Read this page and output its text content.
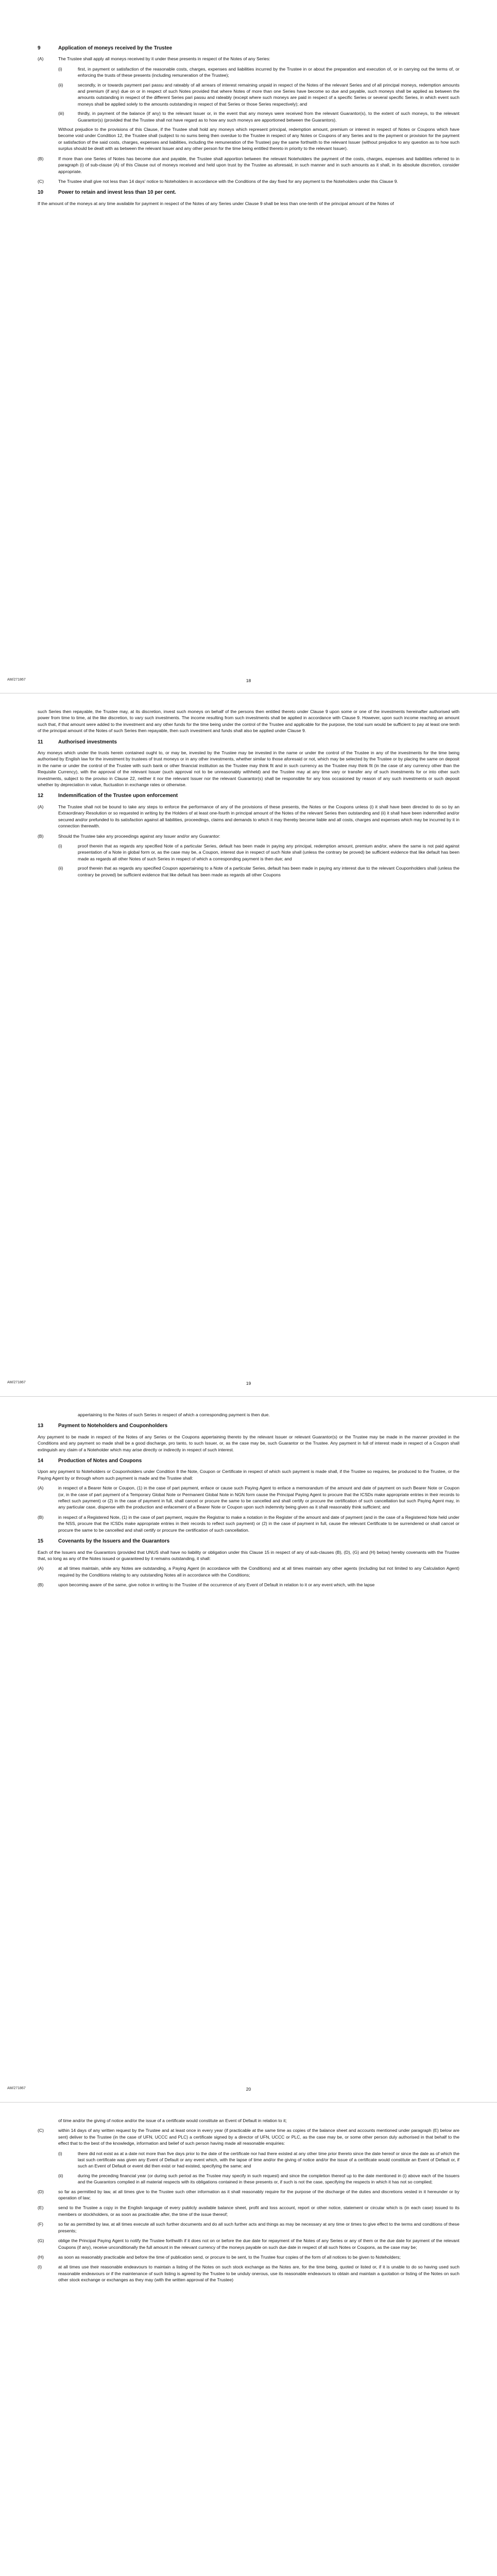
9	Application of moneys received by the Trustee
(A)	The Trustee shall apply all moneys received by it under these presents in respect of the Notes of any Series:
(i)	first, in payment or satisfaction of the reasonable costs, charges, expenses and liabilities incurred by the Trustee in or about the preparation and execution of, or in carrying out the terms of, or enforcing the trusts of these presents (including remuneration of the Trustee);
(ii)	secondly, in or towards payment pari passu and rateably of all arrears of interest remaining unpaid in respect of the Notes of the relevant Series and of all principal moneys, redemption amounts and premium (if any) due on or in respect of such Notes provided that where Notes of more than one Series have become so due and payable, such moneys shall be applied as between the amounts outstanding in respect of the different Series pari passu and rateably (except where such moneys are paid in respect of a specific Series or several specific Series, in which event such moneys shall be applied solely to the amounts outstanding in respect of that Series or those Series respectively); and
(iii)	thirdly, in payment of the balance (if any) to the relevant Issuer or, in the event that any moneys were received from the relevant Guarantor(s), to the extent of such moneys, to the relevant Guarantor(s) (provided that the Trustee shall not have regard as to how any such moneys are apportioned between the Guarantors).

Without prejudice to the provisions of this Clause, if the Trustee shall hold any moneys which represent principal, redemption amount, premium or interest in respect of Notes or Coupons which have become void under Condition 12, the Trustee shall (subject to no sums being then overdue to the Trustee in respect of any Notes or Coupons of any Series and to the payment or provision for the payment or satisfaction of the said costs, charges, expenses and liabilities, including the remuneration of the Trustee) pay the same forthwith to the relevant Issuer (without prejudice to any question as to how such surplus should be dealt with as between the relevant Issuer and any other person for the time being entitled thereto in priority to the relevant Issuer).

(B)	If more than one Series of Notes has become due and payable, the Trustee shall apportion between the relevant Noteholders the payment of the costs, charges, expenses and liabilities referred to in paragraph (i) of sub-clause (A) of this Clause out of moneys received and held upon trust by the Trustee as aforesaid, in such manner and in such amounts as it shall, in its absolute discretion, consider appropriate.
(C)	The Trustee shall give not less than 14 days' notice to Noteholders in accordance with the Conditions of the day fixed for any payment to the Noteholders under this Clause 9.
10	Power to retain and invest less than 10 per cent.

If the amount of the moneys at any time available for payment in respect of the Notes of any Series under Clause 9 shall be less than one-tenth of the principal amount of the Notes of

AM/271867	18

such Series then repayable, the Trustee may, at its discretion, invest such moneys on behalf of the persons then entitled thereto under Clause 9 upon some or one of the investments hereinafter authorised with power from time to time, at the like discretion, to vary such investments. The income resulting from such investments shall be applied in accordance with Clause 9. However, upon such income reaching an amount such that, if that amount were added to the investment and any other funds for the time being under the control of the Trustee and applicable for the purpose, the total sum would be sufficient to pay at least one tenth of the principal amount of the Notes of such Series then repayable, then such investment and funds shall also be applied under Clause 9.

11	Authorised investments

Any moneys which under the trusts herein contained ought to, or may be, invested by the Trustee may be invested in the name or under the control of the Trustee in any of the investments for the time being authorised by English law for the investment by trustees of trust moneys or in any other investments, whether similar to those aforesaid or not, which may be selected by the Trustee or by placing the same on deposit in the name or under the control of the Trustee with such bank or other financial institution as the Trustee may think fit and in such currency as the Trustee may think fit (in the case of any currency other than the Requisite Currency), with the approval of the relevant Issuer (such approval not to be unreasonably withheld) and the Trustee may at any time vary or transfer any of such investments for or into other such investments, subject to the proviso in Clause 22, neither it nor the relevant Issuer nor the relevant Guarantor(s) shall be responsible for any loss occasioned by reason of any such investments or such deposit whether by depreciation in value, fluctuation in exchange rates or otherwise.

12	Indemnification of the Trustee upon enforcement
(A)	The Trustee shall not be bound to take any steps to enforce the performance of any of the provisions of these presents, the Notes or the Coupons unless (i) it shall have been directed to do so by an Extraordinary Resolution or so requested in writing by the Holders of at least one-fourth in principal amount of the Notes of the relevant Series then outstanding and (ii) it shall have been indemnified and/or secured and/or prefunded to its satisfaction against all liabilities, proceedings, claims and demands to which it may thereby become liable and all costs, charges and expenses which may be incurred by it in connection therewith.
(B)	Should the Trustee take any proceedings against any Issuer and/or any Guarantor:
(i)	proof therein that as regards any specified Note of a particular Series, default has been made in paying any principal, redemption amount, premium and/or, where the same is not paid against presentation of a Note in global form or, as the case may be, a Coupon, interest due in respect of such Note shall (unless the contrary be proved) be sufficient evidence that like default has been made as regards all other Notes of such Series in respect of which a corresponding payment is then due; and
(ii)	proof therein that as regards any specified Coupon appertaining to a Note of a particular Series, default has been made in paying any interest due to the relevant Couponholders shall (unless the contrary be proved) be sufficient evidence that like default has been made as regards all other Coupons
AM/271867	19

appertaining to the Notes of such Series in respect of which a corresponding payment is then due.

13	Payment to Noteholders and Couponholders

Any payment to be made in respect of the Notes of any Series or the Coupons appertaining thereto by the relevant Issuer or relevant Guarantor(s) or the Trustee may be made in the manner provided in the Conditions and any payment so made shall be a good discharge, pro tanto, to such Issuer, or, as the case may be, such Guarantor or the Trustee. Any payment in full of interest made in respect of a Coupon shall extinguish any claim of a Noteholder which may arise directly or indirectly in respect of such interest.

14	Production of Notes and Coupons

Upon any payment to Noteholders or Couponholders under Condition 8 the Note, Coupon or Certificate in respect of which such payment is made shall, if the Trustee so requires, be produced to the Trustee, or the Paying Agent by or through whom such payment is made and the Trustee shall:

(A)	in respect of a Bearer Note or Coupon, (1) in the case of part payment, enface or cause such Paying Agent to enface a memorandum of the amount and date of payment on such Bearer Note or Coupon (or, in the case of part payment of a Temporary Global Note or Permanent Global Note in NGN form cause the Principal Paying Agent to procure that the ICSDs make appropriate entries in their records to reflect such payment) or (2) in the case of payment in full, shall cancel or procure the same to be cancelled and shall certify or procure the certification of such cancellation but such Paying Agent may, in any particular case, dispense with the production and enfacement of a Bearer Note or Coupon upon such indemnity being given as it shall reasonably think sufficient; and
(B)	in respect of a Registered Note, (1) in the case of part payment, require the Registrar to make a notation in the Register of the amount and date of payment (and in the case of a Registered Note held under the NSS, procure that the ICSDs make appropriate entries in their records to reflect such payment) or (2) in the case of payment in full, cause the relevant Certificate to be surrendered or shall cancel or procure the same to be cancelled and shall certify or procure the certification of such cancellation.
15	Covenants by the Issuers and the Guarantors

Each of the Issuers and the Guarantors (provided that UNUS shall have no liability or obligation under this Clause 15 in respect of any of sub-clauses (B), (D), (G) and (H) below) hereby covenants with the Trustee that, so long as any of the Notes issued or guaranteed by it remains outstanding, it shall:

(A)	at all times maintain, while any Notes are outstanding, a Paying Agent (in accordance with the Conditions) and at all times maintain any other agents (including but not limited to any Calculation Agent) required by the Conditions relating to any outstanding Notes all in accordance with the Conditions;
(B)	upon becoming aware of the same, give notice in writing to the Trustee of the occurrence of any Event of Default in relation to it or any event which, with the lapse
AM/271867	20

of time and/or the giving of notice and/or the issue of a certificate would constitute an Event of Default in relation to it;

(C)	within 14 days of any written request by the Trustee and at least once in every year (if practicable at the same time as copies of the balance sheet and accounts mentioned under paragraph (E) below are sent) deliver to the Trustee (in the case of UFN, UCCC and PLC) a certificate signed by a director of UFN, UCCC or PLC, as the case may be, or some other person duly authorised in that behalf to the effect that to the best of the knowledge, information and belief of such person having made all reasonable enquiries:
(i)	there did not exist as at a date not more than five days prior to the date of the certificate nor had there existed at any other time prior thereto since the date hereof or since the date as of which the last such certificate was given any Event of Default or any event which, with the lapse of time and/or the giving of notice and/or the issue of a certificate would constitute an Event of Default or, if such an Event of Default or event did then exist or had existed, specifying the same; and
(ii)	during the preceding financial year (or during such period as the Trustee may specify in such request) and since the completion thereof up to the date mentioned in (i) above each of the Issuers and the Guarantors complied in all material respects with its obligations contained in these presents or, if such is not the case, specifying the respects in which it has not so complied;
(D)	so far as permitted by law, at all times give to the Trustee such other information as it shall reasonably require for the purpose of the discharge of the duties and discretions vested in it hereunder or by operation of law;
(E)	send to the Trustee a copy in the English language of every publicly available balance sheet, profit and loss account, report or other notice, statement or circular which is (in each case) issued to its members or stockholders, or as soon as practicable after, the time of the issue thereof;
(F)	so far as permitted by law, at all times execute all such further documents and do all such further acts and things as may be necessary at any time or times to give effect to the terms and conditions of these presents;
(G)	oblige the Principal Paying Agent to notify the Trustee forthwith if it does not on or before the due date for repayment of the Notes of any Series or any of them or the due date for payment of the relevant Coupons (if any), receive unconditionally the full amount in the relevant currency of the moneys payable on such due date in respect of all such Notes or Coupons, as the case may be;
(H)	as soon as reasonably practicable and before the time of publication send, or procure to be sent, to the Trustee four copies of the form of all notices to be given to Noteholders;
(I)	at all times use their reasonable endeavours to maintain a listing of the Notes on such stock exchange as the Notes are, for the time being, quoted or listed or, if it is unable to do so having used such reasonable endeavours or if the maintenance of such listing is agreed by the Trustee to be unduly onerous, use its reasonable endeavours to obtain and maintain a quotation or listing of the Notes on such other stock exchange or exchanges as they may (with the written approval of the Trustee)
